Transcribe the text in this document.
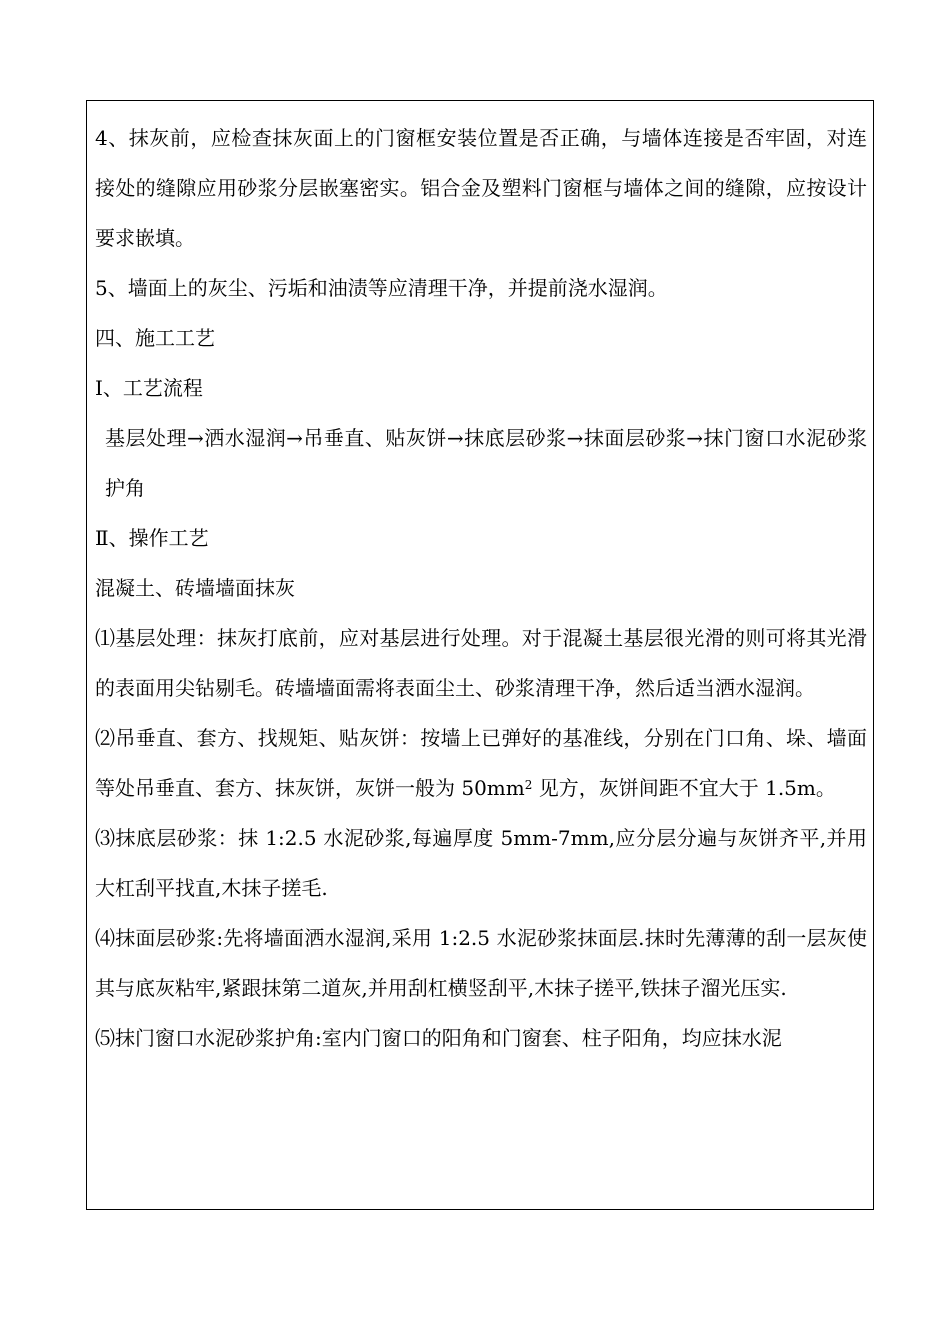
4、抹灰前，应检查抹灰面上的门窗框安装位置是否正确，与墙体连接是否牢固，对连接处的缝隙应用砂浆分层嵌塞密实。铝合金及塑料门窗框与墙体之间的缝隙，应按设计要求嵌填。

5、墙面上的灰尘、污垢和油渍等应清理干净，并提前浇水湿润。

四、施工工艺

Ⅰ、工艺流程

基层处理→洒水湿润→吊垂直、贴灰饼→抹底层砂浆→抹面层砂浆→抹门窗口水泥砂浆护角

Ⅱ、操作工艺

混凝土、砖墙墙面抹灰

⑴基层处理：抹灰打底前，应对基层进行处理。对于混凝土基层很光滑的则可将其光滑的表面用尖钻剔毛。砖墙墙面需将表面尘土、砂浆清理干净，然后适当洒水湿润。

⑵吊垂直、套方、找规矩、贴灰饼：按墙上已弹好的基准线，分别在门口角、垛、墙面等处吊垂直、套方、抹灰饼，灰饼一般为 $50mm^2$ 见方，灰饼间距不宜大于 1.5m。

⑶抹底层砂浆：抹 1:2.5 水泥砂浆,每遍厚度 5mm-7mm,应分层分遍与灰饼齐平,并用大杠刮平找直,木抹子搓毛.

⑷抹面层砂浆:先将墙面洒水湿润,采用 1:2.5 水泥砂浆抹面层.抹时先薄薄的刮一层灰使其与底灰粘牢,紧跟抹第二道灰,并用刮杠横竖刮平,木抹子搓平,铁抹子溜光压实.

⑸抹门窗口水泥砂浆护角:室内门窗口的阳角和门窗套、柱子阳角，均应抹水泥
